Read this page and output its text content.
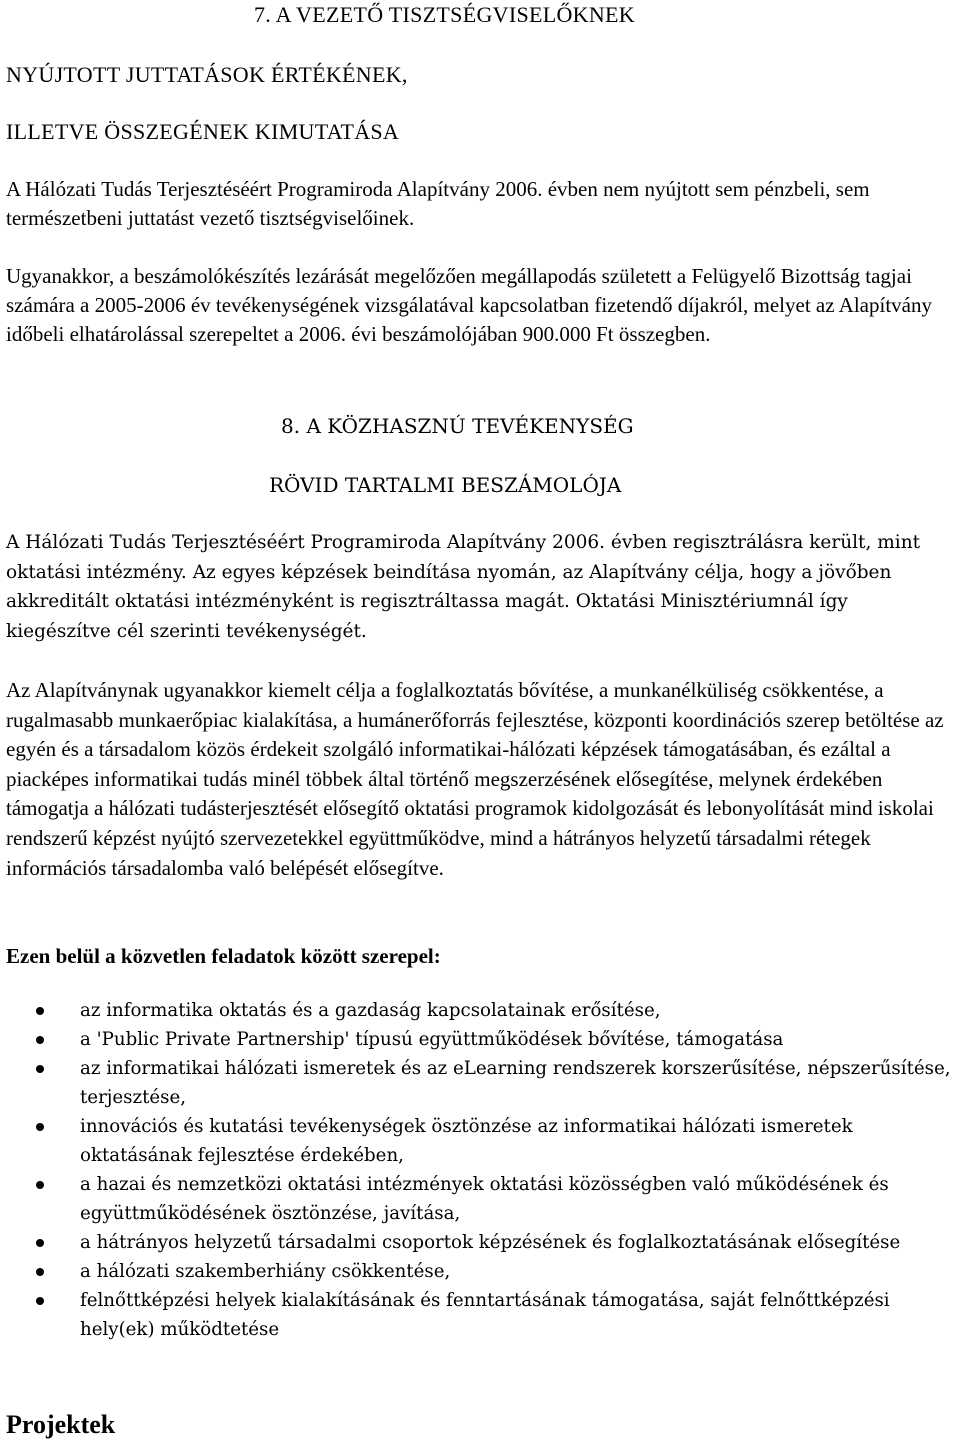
7. A VEZETŐ TISZTSÉGVISELŐKNEK
NYÚJTOTT JUTTATÁSOK ÉRTÉKÉNEK,
ILLETVE ÖSSZEGÉNEK KIMUTATÁSA

A Hálózati Tudás Terjesztéséért Programiroda Alapítvány 2006. évben nem nyújtott sem pénzbeli, sem természetbeni juttatást vezető tisztségviselőinek.

Ugyanakkor, a beszámolókészítés lezárását megelőzően megállapodás született a Felügyelő Bizottság tagjai számára a 2005-2006 év tevékenységének vizsgálatával kapcsolatban fizetendő díjakról, melyet az Alapítvány időbeli elhatárolással szerepeltet a 2006. évi beszámolójában 900.000 Ft összegben.

8. A KÖZHASZNÚ TEVÉKENYSÉG
RÖVID TARTALMI BESZÁMOLÓJA

A Hálózati Tudás Terjesztéséért Programiroda Alapítvány 2006. évben regisztrálásra került, mint oktatási intézmény. Az egyes képzések beindítása nyomán, az Alapítvány célja, hogy a jövőben akkreditált oktatási intézményként is regisztráltassa magát. Oktatási Minisztériumnál így kiegészítve cél szerinti tevékenységét.

Az Alapítványnak ugyanakkor kiemelt célja a foglalkoztatás bővítése, a munkanélküliség csökkentése, a rugalmasabb munkaerőpiac kialakítása, a humánerőforrás fejlesztése, központi koordinációs szerep betöltése az egyén és a társadalom közös érdekeit szolgáló informatikai-hálózati képzések támogatásában, és ezáltal a piacképes informatikai tudás minél többek által történő megszerzésének elősegítése, melynek érdekében támogatja a hálózati tudásterjesztését elősegítő oktatási programok kidolgozását és lebonyolítását mind iskolai rendszerű képzést nyújtó szervezetekkel együttműködve, mind a hátrányos helyzetű társadalmi rétegek információs társadalomba való belépését elősegítve.

Ezen belül a közvetlen feladatok között szerepel:
az informatika oktatás és a gazdaság kapcsolatainak erősítése,
a 'Public Private Partnership' típusú együttműködések bővítése, támogatása
az informatikai hálózati ismeretek és az eLearning rendszerek korszerűsítése, népszerűsítése, terjesztése,
innovációs és kutatási tevékenységek ösztönzése az informatikai hálózati ismeretek oktatásának fejlesztése érdekében,
a hazai és nemzetközi oktatási intézmények oktatási közösségben való működésének és együttműködésének ösztönzése, javítása,
a hátrányos helyzetű társadalmi csoportok képzésének és foglalkoztatásának elősegítése
a hálózati szakemberhiány csökkentése,
felnőttképzési helyek kialakításának és fenntartásának támogatása, saját felnőttképzési hely(ek) működtetése
Projektek
